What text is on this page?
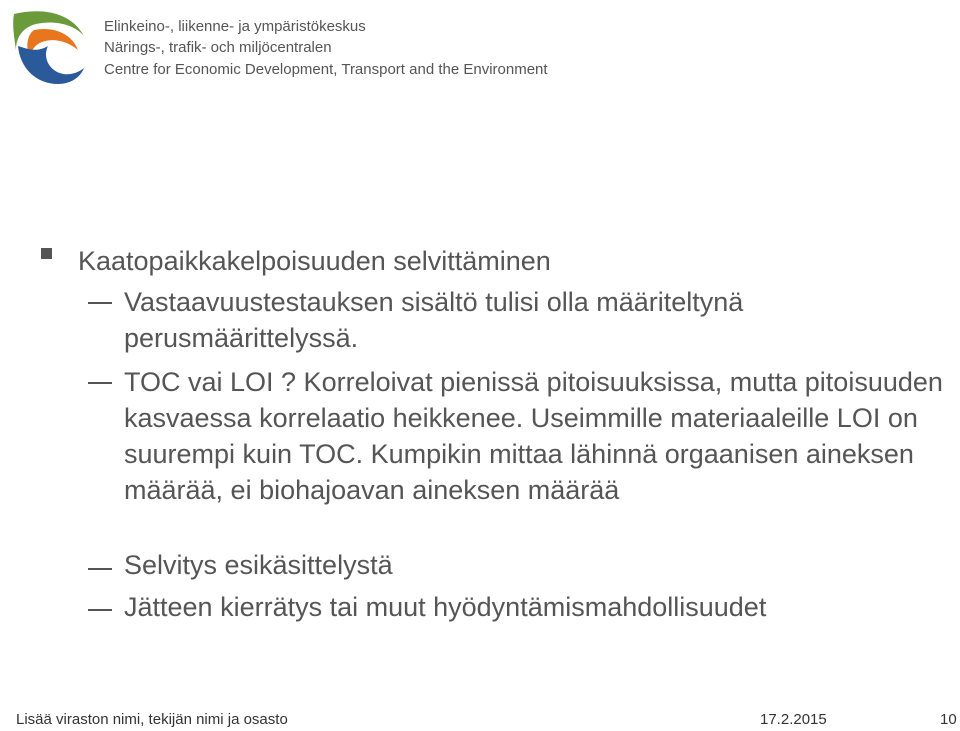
Elinkeino-, liikenne- ja ympäristökeskus
Närings-, trafik- och miljöcentralen
Centre for Economic Development, Transport and the Environment
Kaatopaikkakelpoisuuden selvittäminen

Vastaavuustestauksen sisältö tulisi olla määriteltynä perusmäärittelyssä.

TOC vai LOI ? Korreloivat pienissä pitoisuuksissa, mutta pitoisuuden kasvaessa korrelaatio heikkenee. Useimmille materiaaleille LOI on suurempi kuin TOC. Kumpikin mittaa lähinnä orgaanisen aineksen määrää, ei biohajoavan aineksen määrää

Selvitys esikäsittelystä

Jätteen kierrätys tai muut hyödyntämismahdollisuudet

Lisää viraston nimi, tekijän nimi ja osasto	17.2.2015	10
